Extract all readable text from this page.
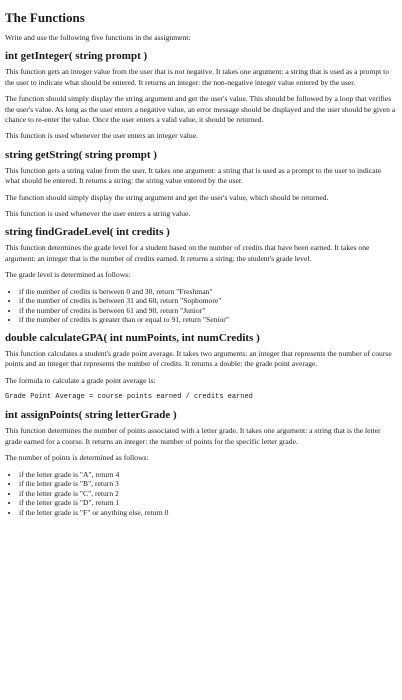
The Functions

Write and use the following five functions in the assignment:

int getInteger( string prompt )

This function gets an integer value from the user that is not negative. It takes one argument: a string that is used as a prompt to the user to indicate what should be entered. It returns an integer: the non-negative integer value entered by the user.

The function should simply display the string argument and get the user's value. This should be followed by a loop that verifies the user's value. As long as the user enters a negative value, an error message should be displayed and the user should be given a chance to re-enter the value. Once the user enters a valid value, it should be returned.

This function is used whenever the user enters an integer value.

string getString( string prompt )

This function gets a string value from the user. It takes one argument: a string that is used as a prompt to the user to indicate what should be entered. It returns a string: the string value entered by the user.

The function should simply display the string argument and get the user's value, which should be returned.

This function is used whenever the user enters a string value.

string findGradeLevel( int credits )

This function determines the grade level for a student based on the number of credits that have been earned. It takes one argument: an integer that is the number of credits earned. It returns a string: the student's grade level.

The grade level is determined as follows:

• if the number of credits is between 0 and 30, return "Freshman"
• if the number of credits is between 31 and 60, return "Sophomore"
• if the number of credits is between 61 and 90, return "Junior"
• if the number of credits is greater than or equal to 91, return "Senior"
double calculateGPA( int numPoints, int numCredits )

This function calculates a student's grade point average. It takes two arguments: an integer that represents the number of course points and an integer that represents the number of credits. It returns a double: the grade point average.

The formula to calculate a grade point average is:

Grade Point Average = course points earned / credits earned
int assignPoints( string letterGrade )

This function determines the number of points associated with a letter grade. It takes one argument: a string that is the letter grade earned for a course. It returns an integer: the number of points for the specific letter grade.

The number of points is determined as follows:

• if the letter grade is "A", return 4
• if the letter grade is "B", return 3
• if the letter grade is "C", return 2
• if the letter grade is "D", return 1
• if the letter grade is "F" or anything else, return 0
